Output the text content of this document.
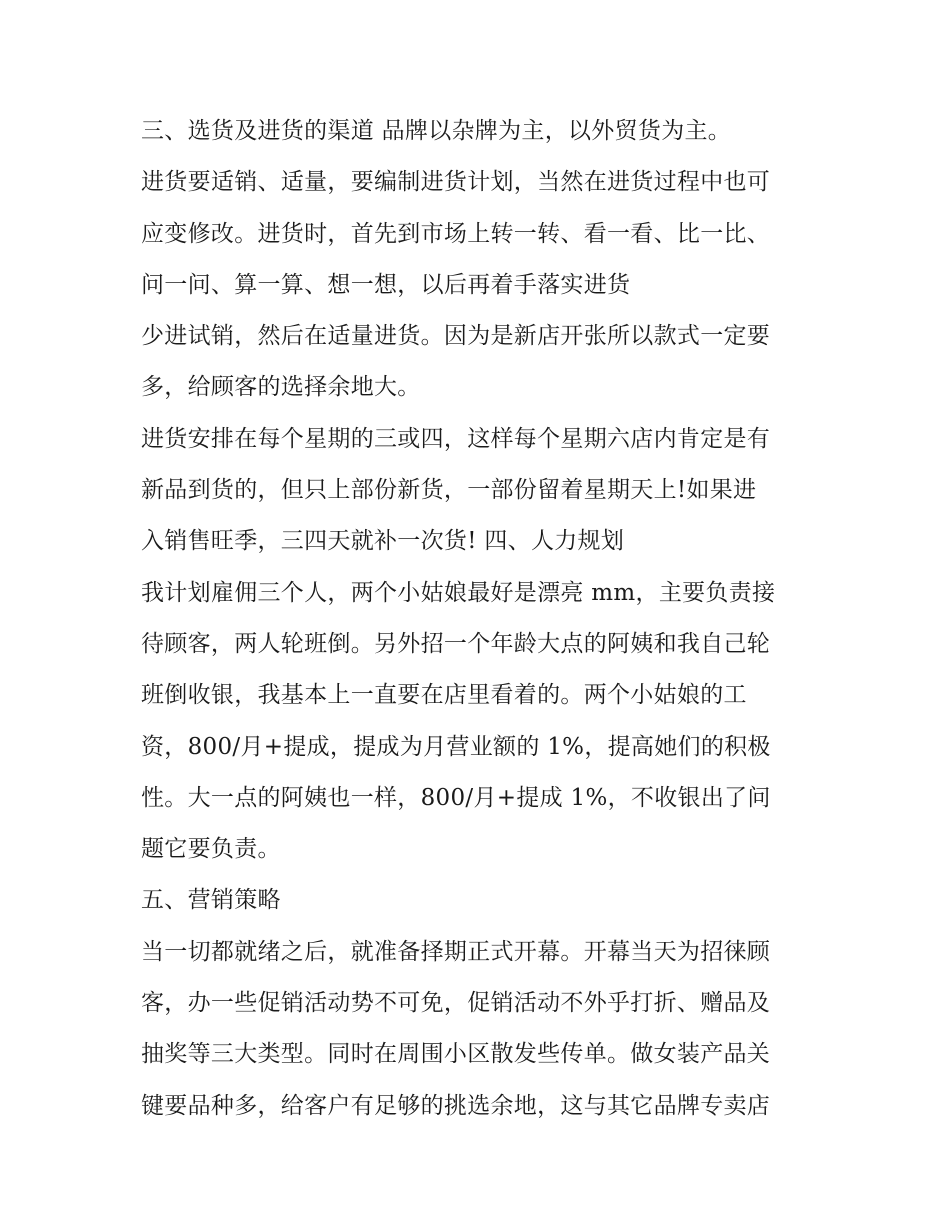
三、选货及进货的渠道 品牌以杂牌为主，以外贸货为主。
进货要适销、适量，要编制进货计划，当然在进货过程中也可
应变修改。进货时，首先到市场上转一转、看一看、比一比、
问一问、算一算、想一想，以后再着手落实进货
少进试销，然后在适量进货。因为是新店开张所以款式一定要
多，给顾客的选择余地大。
进货安排在每个星期的三或四，这样每个星期六店内肯定是有
新品到货的，但只上部份新货，一部份留着星期天上!如果进
入销售旺季，三四天就补一次货! 四、人力规划
我计划雇佣三个人，两个小姑娘最好是漂亮 mm，主要负责接
待顾客，两人轮班倒。另外招一个年龄大点的阿姨和我自己轮
班倒收银，我基本上一直要在店里看着的。两个小姑娘的工
资，800/月+提成，提成为月营业额的 1%，提高她们的积极
性。大一点的阿姨也一样，800/月+提成 1%，不收银出了问
题它要负责。
五、营销策略
当一切都就绪之后，就准备择期正式开幕。开幕当天为招徕顾
客，办一些促销活动势不可免，促销活动不外乎打折、赠品及
抽奖等三大类型。同时在周围小区散发些传单。做女装产品关
键要品种多，给客户有足够的挑选余地，这与其它品牌专卖店
